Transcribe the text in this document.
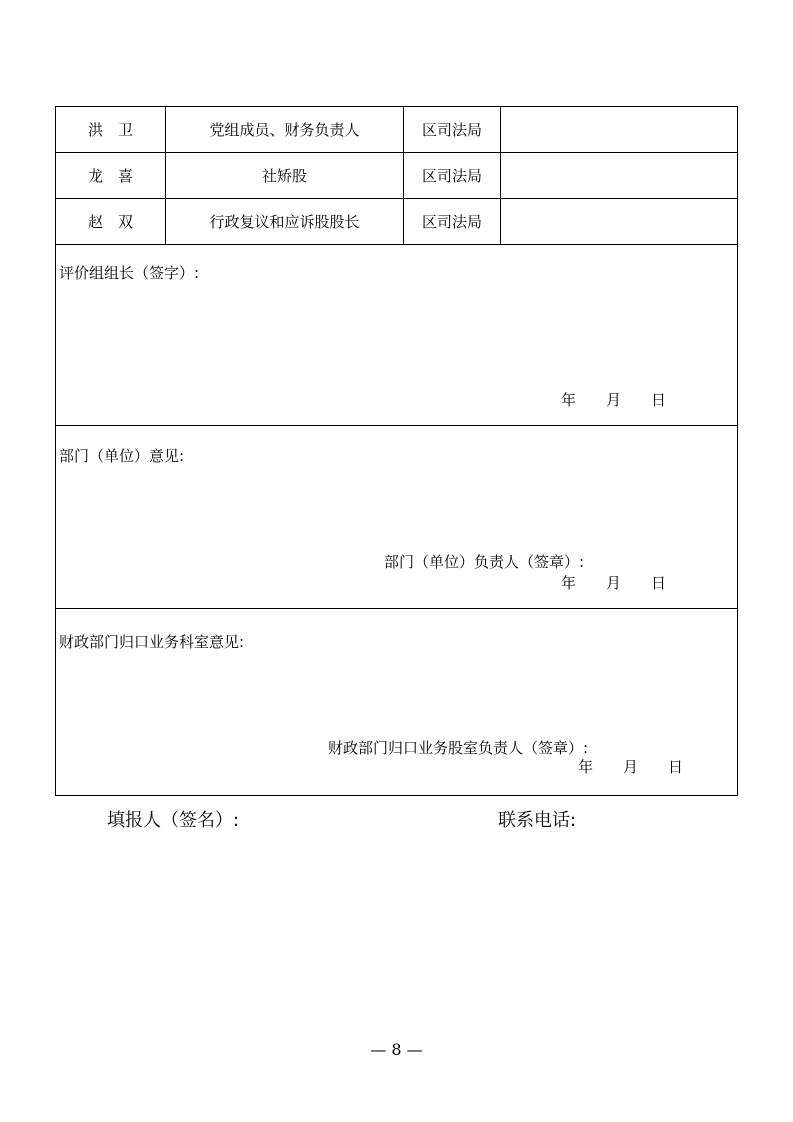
洪　卫	党组成员、财务负责人	区司法局
龙　喜	社矫股	区司法局
赵　双	行政复议和应诉股股长	区司法局
评价组组长（签字）:
年　　月　　日
部门（单位）意见:
部门（单位）负责人（签章）:
年　　月　　日
财政部门归口业务科室意见:
财政部门归口业务股室负责人（签章）:
年　　月　　日
填报人（签名）:	联系电话:
— 8 —
